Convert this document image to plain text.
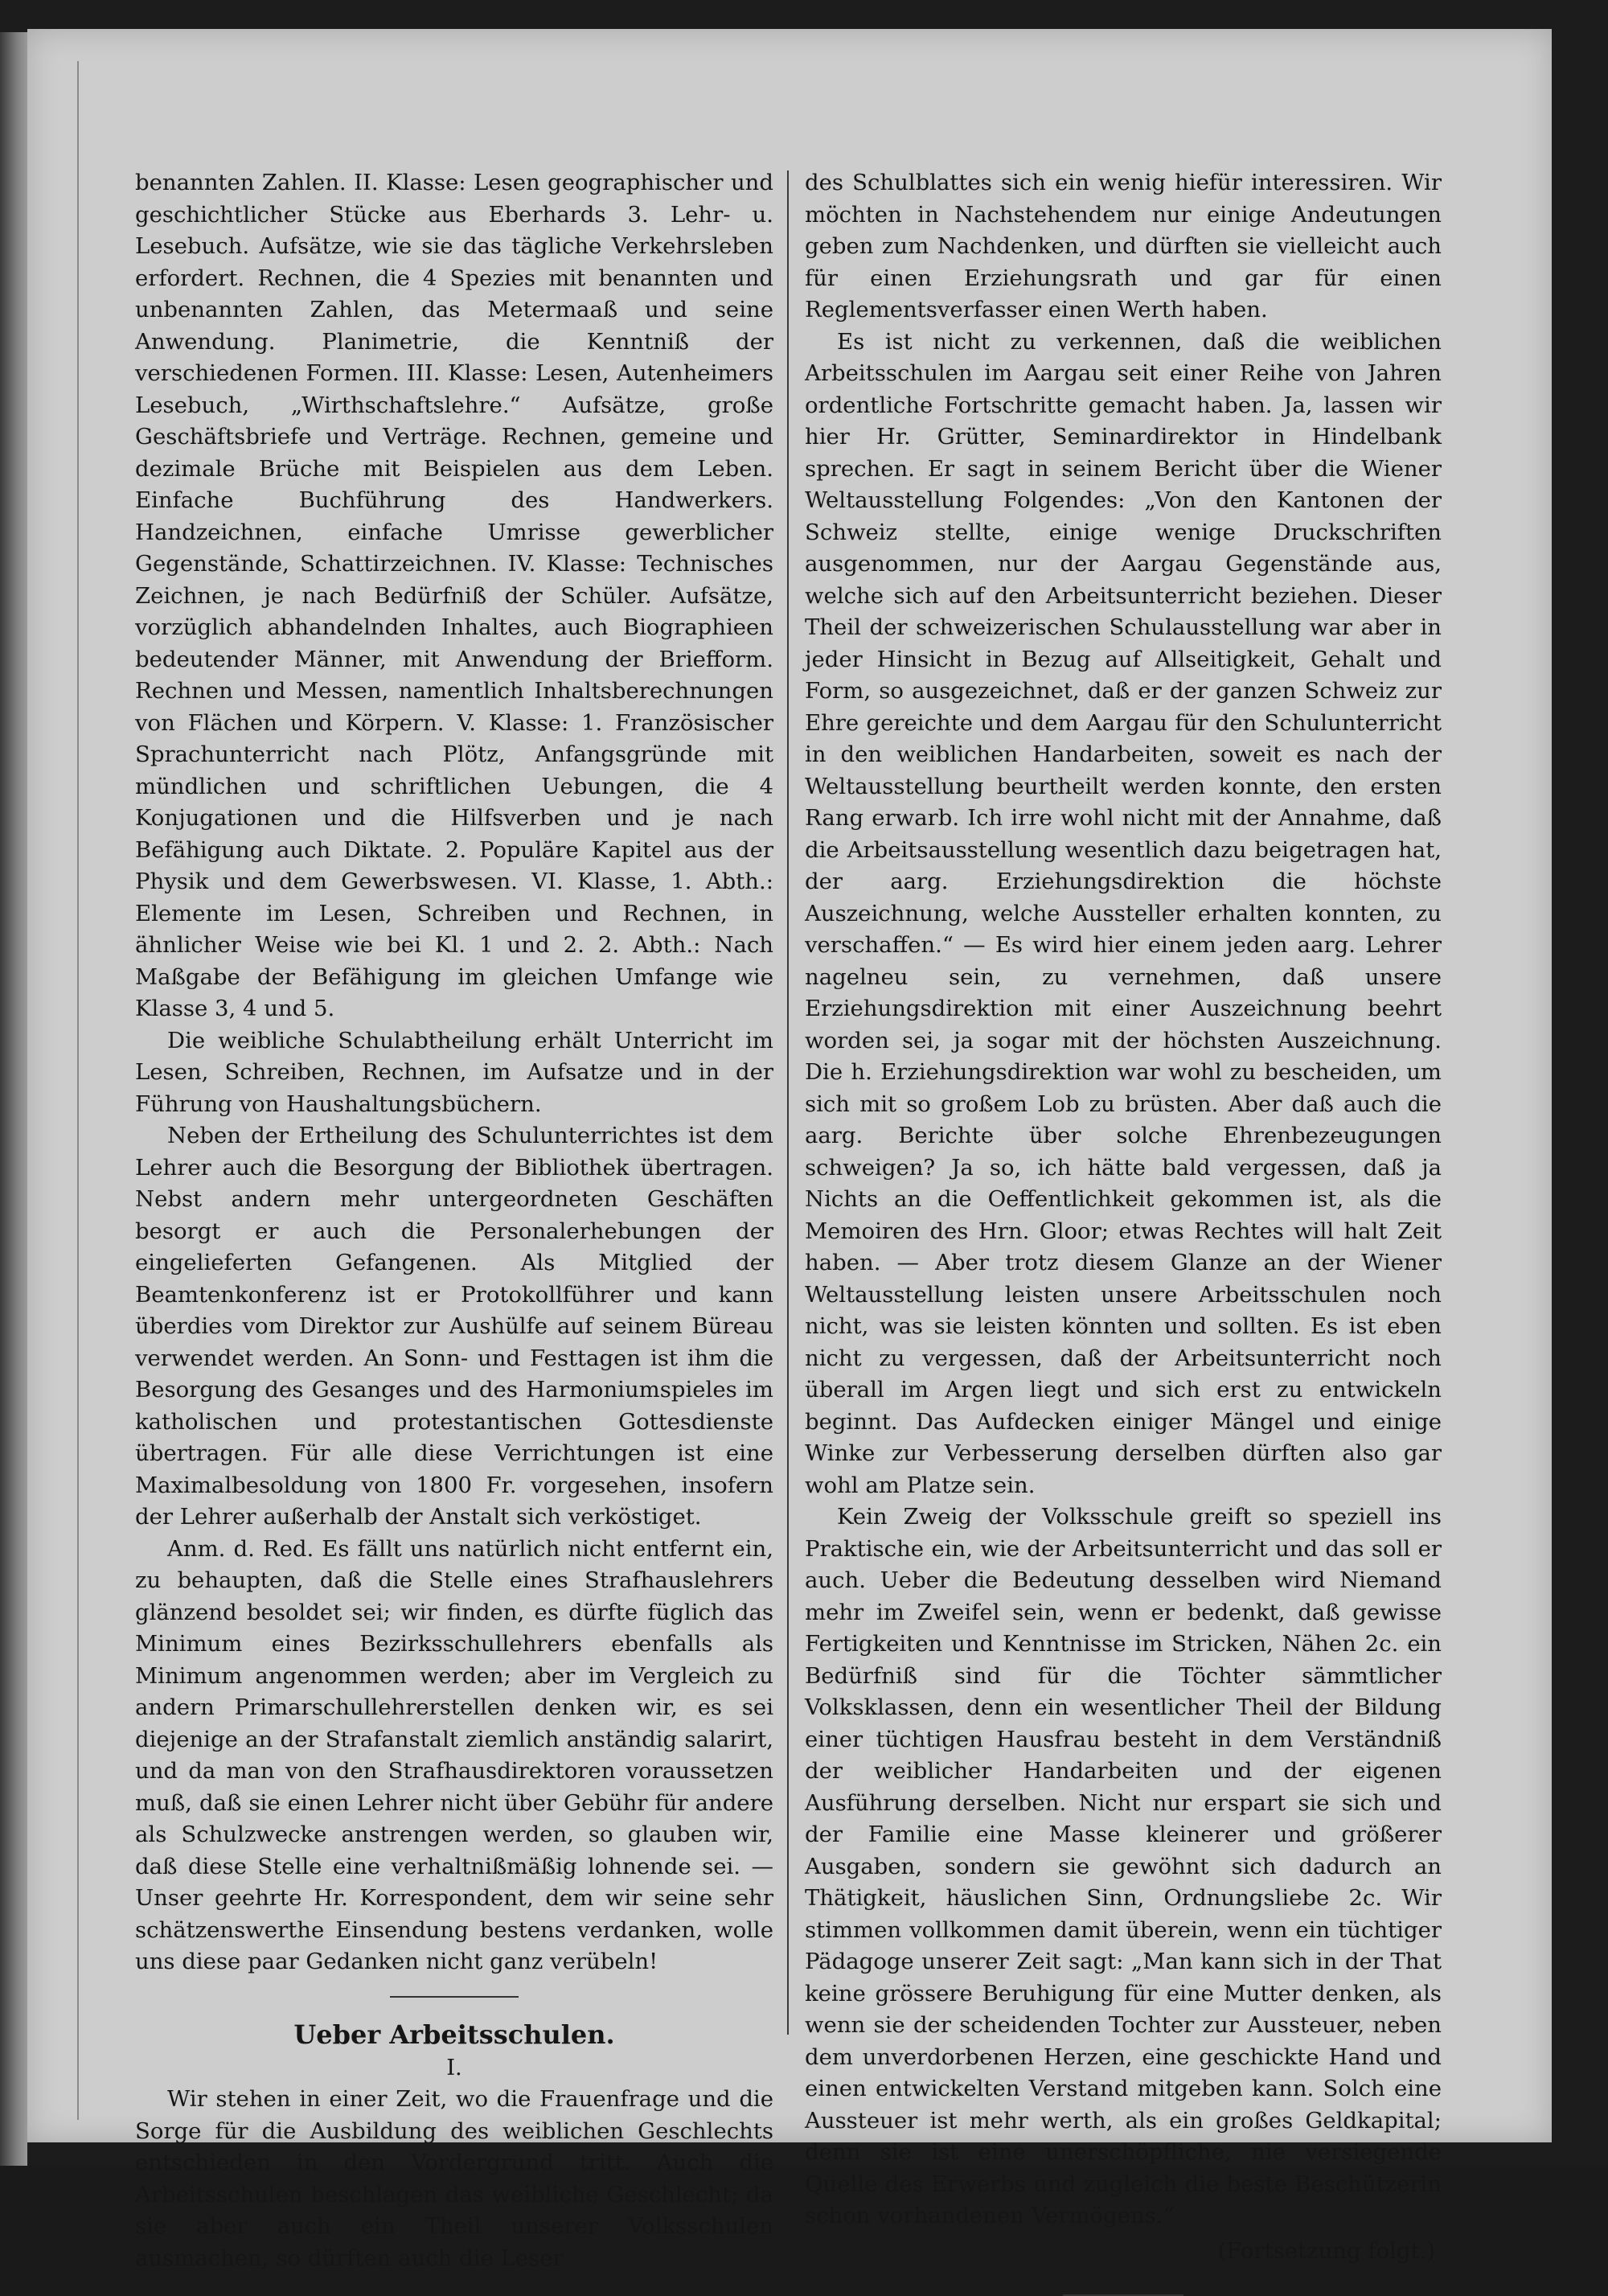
benannten Zahlen. II. Klasse: Lesen geographischer und geschichtlicher Stücke aus Eberhards 3. Lehr- u. Lesebuch. Aufsätze, wie sie das tägliche Verkehrsleben erfordert. Rechnen, die 4 Spezies mit benannten und unbenannten Zahlen, das Metermaaß und seine Anwendung. Planimetrie, die Kenntniß der verschiedenen Formen. III. Klasse: Lesen, Autenheimers Lesebuch, „Wirthschaftslehre.“ Aufsätze, große Geschäftsbriefe und Verträge. Rechnen, gemeine und dezimale Brüche mit Beispielen aus dem Leben. Einfache Buchführung des Handwerkers. Handzeichnen, einfache Umrisse gewerblicher Gegenstände, Schattirzeichnen. IV. Klasse: Technisches Zeichnen, je nach Bedürfniß der Schüler. Aufsätze, vorzüglich abhandelnden Inhaltes, auch Biographieen bedeutender Männer, mit Anwendung der Briefform. Rechnen und Messen, namentlich Inhaltsberechnungen von Flächen und Körpern. V. Klasse: 1. Französischer Sprachunterricht nach Plötz, Anfangsgründe mit mündlichen und schriftlichen Uebungen, die 4 Konjugationen und die Hilfsverben und je nach Befähigung auch Diktate. 2. Populäre Kapitel aus der Physik und dem Gewerbswesen. VI. Klasse, 1. Abth.: Elemente im Lesen, Schreiben und Rechnen, in ähnlicher Weise wie bei Kl. 1 und 2. 2. Abth.: Nach Maßgabe der Befähigung im gleichen Umfange wie Klasse 3, 4 und 5.

Die weibliche Schulabtheilung erhält Unterricht im Lesen, Schreiben, Rechnen, im Aufsatze und in der Führung von Haushaltungsbüchern.

Neben der Ertheilung des Schulunterrichtes ist dem Lehrer auch die Besorgung der Bibliothek übertragen. Nebst andern mehr untergeordneten Geschäften besorgt er auch die Personalerhebungen der eingelieferten Gefangenen. Als Mitglied der Beamtenkonferenz ist er Protokollführer und kann überdies vom Direktor zur Aushülfe auf seinem Büreau verwendet werden. An Sonn- und Festtagen ist ihm die Besorgung des Gesanges und des Harmoniumspieles im katholischen und protestantischen Gottesdienste übertragen. Für alle diese Verrichtungen ist eine Maximalbesoldung von 1800 Fr. vorgesehen, insofern der Lehrer außerhalb der Anstalt sich verköstiget.

Anm. d. Red. Es fällt uns natürlich nicht entfernt ein, zu behaupten, daß die Stelle eines Strafhauslehrers glänzend besoldet sei; wir finden, es dürfte füglich das Minimum eines Bezirksschullehrers ebenfalls als Minimum angenommen werden; aber im Vergleich zu andern Primarschullehrerstellen denken wir, es sei diejenige an der Strafanstalt ziemlich anständig salarirt, und da man von den Strafhausdirektoren voraussetzen muß, daß sie einen Lehrer nicht über Gebühr für andere als Schulzwecke anstrengen werden, so glauben wir, daß diese Stelle eine verhaltnißmäßig lohnende sei. — Unser geehrte Hr. Korrespondent, dem wir seine sehr schätzenswerthe Einsendung bestens verdanken, wolle uns diese paar Gedanken nicht ganz verübeln!

Ueber Arbeitsschulen.

I.

Wir stehen in einer Zeit, wo die Frauenfrage und die Sorge für die Ausbildung des weiblichen Geschlechts entschieden in den Vordergrund tritt. Auch die Arbeitsschulen beschlagen das weibliche Geschlecht; da sie aber auch ein Theil unserer Volksschulen ausmachen, so dürften auch die Leser

des Schulblattes sich ein wenig hiefür interessiren. Wir möchten in Nachstehendem nur einige Andeutungen geben zum Nachdenken, und dürften sie vielleicht auch für einen Erziehungsrath und gar für einen Reglementsverfasser einen Werth haben.

Es ist nicht zu verkennen, daß die weiblichen Arbeitsschulen im Aargau seit einer Reihe von Jahren ordentliche Fortschritte gemacht haben. Ja, lassen wir hier Hr. Grütter, Seminardirektor in Hindelbank sprechen. Er sagt in seinem Bericht über die Wiener Weltausstellung Folgendes: „Von den Kantonen der Schweiz stellte, einige wenige Druckschriften ausgenommen, nur der Aargau Gegenstände aus, welche sich auf den Arbeitsunterricht beziehen. Dieser Theil der schweizerischen Schulausstellung war aber in jeder Hinsicht in Bezug auf Allseitigkeit, Gehalt und Form, so ausgezeichnet, daß er der ganzen Schweiz zur Ehre gereichte und dem Aargau für den Schulunterricht in den weiblichen Handarbeiten, soweit es nach der Weltausstellung beurtheilt werden konnte, den ersten Rang erwarb. Ich irre wohl nicht mit der Annahme, daß die Arbeitsausstellung wesentlich dazu beigetragen hat, der aarg. Erziehungsdirektion die höchste Auszeichnung, welche Aussteller erhalten konnten, zu verschaffen.“ — Es wird hier einem jeden aarg. Lehrer nagelneu sein, zu vernehmen, daß unsere Erziehungsdirektion mit einer Auszeichnung beehrt worden sei, ja sogar mit der höchsten Auszeichnung. Die h. Erziehungsdirektion war wohl zu bescheiden, um sich mit so großem Lob zu brüsten. Aber daß auch die aarg. Berichte über solche Ehrenbezeugungen schweigen? Ja so, ich hätte bald vergessen, daß ja Nichts an die Oeffentlichkeit gekommen ist, als die Memoiren des Hrn. Gloor; etwas Rechtes will halt Zeit haben. — Aber trotz diesem Glanze an der Wiener Weltausstellung leisten unsere Arbeitsschulen noch nicht, was sie leisten könnten und sollten. Es ist eben nicht zu vergessen, daß der Arbeitsunterricht noch überall im Argen liegt und sich erst zu entwickeln beginnt. Das Aufdecken einiger Mängel und einige Winke zur Verbesserung derselben dürften also gar wohl am Platze sein.

Kein Zweig der Volksschule greift so speziell ins Praktische ein, wie der Arbeitsunterricht und das soll er auch. Ueber die Bedeutung desselben wird Niemand mehr im Zweifel sein, wenn er bedenkt, daß gewisse Fertigkeiten und Kenntnisse im Stricken, Nähen 2c. ein Bedürfniß sind für die Töchter sämmtlicher Volksklassen, denn ein wesentlicher Theil der Bildung einer tüchtigen Hausfrau besteht in dem Verständniß der weiblicher Handarbeiten und der eigenen Ausführung derselben. Nicht nur erspart sie sich und der Familie eine Masse kleinerer und größerer Ausgaben, sondern sie gewöhnt sich dadurch an Thätigkeit, häuslichen Sinn, Ordnungsliebe 2c. Wir stimmen vollkommen damit überein, wenn ein tüchtiger Pädagoge unserer Zeit sagt: „Man kann sich in der That keine grössere Beruhigung für eine Mutter denken, als wenn sie der scheidenden Tochter zur Aussteuer, neben dem unverdorbenen Herzen, eine geschickte Hand und einen entwickelten Verstand mitgeben kann. Solch eine Aussteuer ist mehr werth, als ein großes Geldkapital; denn sie ist eine unerschöpfliche, nie versiegende Quelle des Erwerbs und zugleich die beste Beschützerin schon vorhandenen Vermögens.“

(Fortsetzung folgt.)
